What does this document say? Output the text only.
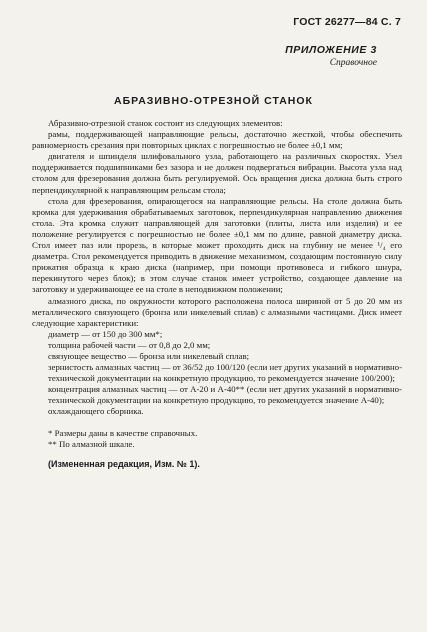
ГОСТ 26277—84 С. 7
ПРИЛОЖЕНИЕ 3
Справочное
АБРАЗИВНО-ОТРЕЗНОЙ СТАНОК

Абразивно-отрезной станок состоит из следующих элементов:

рамы, поддерживающей направляющие рельсы, достаточно жесткой, чтобы обеспечить равномерность срезания при повторных циклах с погрешностью не более ±0,1 мм;

двигателя и шпинделя шлифовального узла, работающего на различных скоростях. Узел поддерживается подшипниками без зазора и не должен подвергаться вибрации. Высота узла над столом для фрезерования должна быть регулируемой. Ось вращения диска должна быть строго перпендикулярной к направляющим рельсам стола;

стола для фрезерования, опирающегося на направляющие рельсы. На столе должна быть кромка для удерживания обрабатываемых заготовок, перпендикулярная направлению движения стола. Эта кромка служит направляющей для заготовки (плиты, листа или изделия) и ее положение регулируется с погрешностью не более ±0,1 мм по длине, равной диаметру диска. Стол имеет паз или прорезь, в которые может проходить диск на глубину не менее ¹/₄ его диаметра. Стол рекомендуется приводить в движение механизмом, создающим постоянную силу прижатия образца к краю диска (например, при помощи противовеса и гибкого шнура, перекинутого через блок); в этом случае станок имеет устройство, создающее давление на заготовку и удерживающее ее на столе в неподвижном положении;

алмазного диска, по окружности которого расположена полоса шириной от 5 до 20 мм из металлического связующего (бронза или никелевый сплав) с алмазными частицами. Диск имеет следующие характеристики:

диаметр — от 150 до 300 мм*;

толщина рабочей части — от 0,8 до 2,0 мм;

связующее вещество — бронза или никелевый сплав;

зернистость алмазных частиц — от 36/52 до 100/120 (если нет других указаний в нормативно-технической документации на конкретную продукцию, то рекомендуется значение 100/200);

концентрация алмазных частиц — от А-20 и А-40** (если нет других указаний в нормативно-технической документации на конкретную продукцию, то рекомендуется значение А-40);

охлаждающего сборника.

* Размеры даны в качестве справочных.

** По алмазной шкале.

(Измененная редакция, Изм. № 1).
